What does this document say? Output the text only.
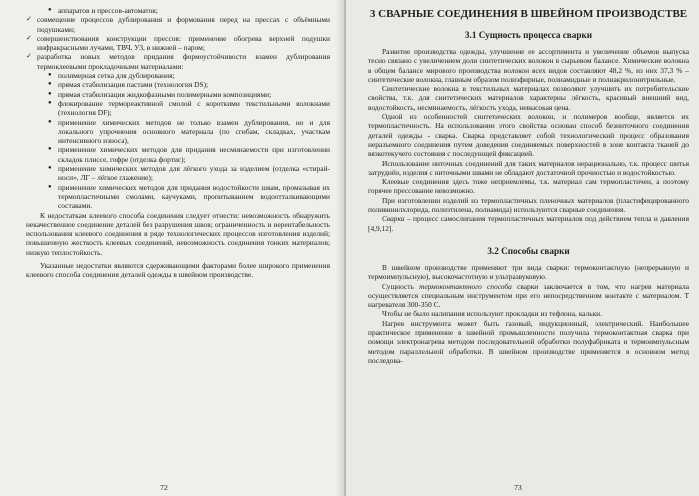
● аппаратов и прессов-автоматов;
✓ совмещение процессов дублирования и формования перед на прессах с объёмными подушками;
✓ совершенствования конструкции прессов: применение обогрева верхней подушки инфракрасными лучами, ТВЧ, УЗ, в нижней – паром;
✓ разработка новых методов придания формоустойчивости взамен дублирования термоклеевыми прокладочными материалами:
● полимерная сетка для дублирования;
● прямая стабилизация пастами (технология DS);
● прямая стабилизация жидкофазными полимерными композициями;
● флокирование термореактивной смолой с короткими текстильными волокнами (технология DF);
● применение химических методов не только взамен дублирования, но и для локального упрочнения основного материала (по сгибам, складках, участкам интенсивного износа),
● применение химических методов для придания несминаемости при изготовлении складок плиссе, гофре (отделка фортис);
● применение химических методов для лёгкого ухода за изделием (отделка «стирай-носи», ЛГ – лёгкое глажение);
● применение химических методов для придания водостойкости швам, промазывая их термопластичными смолами, каучуками, пропитыванием водоотталкивающими составами.

К недостаткам клеевого способа соединения следует отнести: невозможность обнаружить некачественное соединение деталей без разрушения швов; ограниченность и нерентабельность использования клеевого соединения в ряде технологических процессов изготовления изделий; повышенную жесткость клеевых соединений, невозможность соединения тонких материалов; низкую теплостойкость.

Указанные недостатки являются сдерживающими факторами более широкого применения клеевого способа соединения деталей одежды в швейном производстве.

72
3 СВАРНЫЕ СОЕДИНЕНИЯ В ШВЕЙНОМ ПРОИЗВОДСТВЕ
3.1 Сущность процесса сварки

Развитие производства одежды, улучшение ее ассортимента и увеличение объемов выпуска тесно связано с увеличением доли синтетических волокон в сырьевом балансе. Химические волокна в общем балансе мирового производства волокон всех видов составляют 48,2 %, из них 37,3 % – синтетические волокна, главным образом полиэфирные, полиамидные и полиакрилонитрильные.

Синтетические волокна в текстильных материалах позволяют улучшить их потребительские свойства, т.к. для синтетических материалов характерны лёгкость, красивый внешний вид, водостойкость, несминаемость, лёгкость ухода, невысокая цена.

Одной из особенностей синтетических волокон, и полимеров вообще, является их термопластичность. На использовании этого свойства основан способ безниточного соединения деталей одежды - сварка. Сварка представляет собой технологический процесс образования неразъемного соединения путем доведения соединяемых поверхностей в зоне контакта тканей до вязкотекучего состояния с последующей фиксацией.

Использование ниточных соединений для таких материалов нерационально, т.к. процесс шитья затруднён, изделия с ниточными швами не обладают достаточной прочностью и водостойкостью.

Клеевые соединения здесь тоже неприемлемы, т.к. материал сам термопластичен, а поэтому горячее прессование невозможно.

При изготовлении изделий из термопластичных пленочных материалов (пластифицированного поливинилхлорида, полиэтилена, полиамида) используются сварные соединения.

Сварка – процесс самослипания термопластичных материалов под действием тепла и давления [4,9,12].

3.2 Способы сварки

В швейном производстве применяют три вида сварки: термоконтактную (непрерывную и термоимпульсную), высокочастотную и ультразвуковую.

Сущность термоконтактного способа сварки заключается в том, что нагрев материала осуществляется специальным инструментом при его непосредственном контакте с материалом. Т нагревателя 300-350 С.

Чтобы не было налипания используют прокладки из тефлона, кальки.

Нагрев инструмента может быть газовый, индукционный, электрический. Наибольшее практическое применение в швейной промышленности получила термоконтактная сварка при помощи электронагрева методом последовательной обработки полуфабриката и термоимпульсным методом параллельной обработки. В швейном производстве применяется в основном метод последова-

73
